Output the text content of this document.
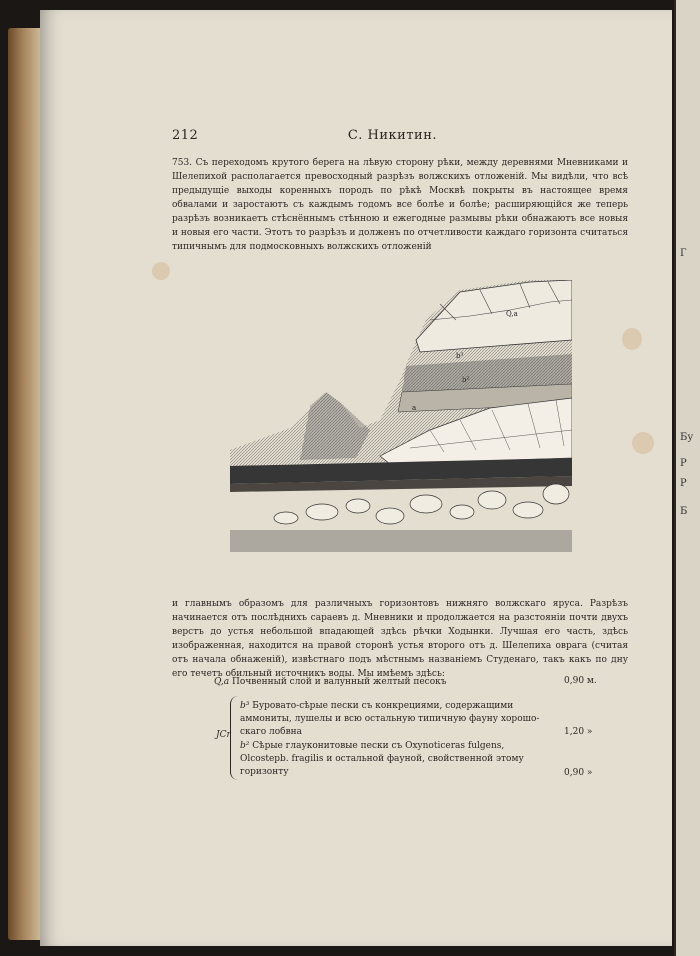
Г
Бу
Р
Р
Б
212	С. Никитин.
753. Съ переходомъ крутого берега на лѣвую сторону рѣки, между деревнями Мневниками и Шелепихой располагается превосходный разрѣзъ волжскихъ отложеній. Мы видѣли, что всѣ предыдущіе выходы коренныхъ породъ по рѣкѣ Москвѣ покрыты въ настоящее время обвалами и заростаютъ съ каждымъ годомъ все болѣе и болѣе; расширяющійся же теперь разрѣзъ возникаетъ стѣснённымъ стѣнною и ежегодные размывы рѣки обнажаютъ все новыя и новыя его части. Этотъ то разрѣзъ и долженъ по отчетливости каждаго горизонта считаться типичнымъ для подмосковныхъ волжскихъ отложеній
Q,a
b³
b²
a
и главнымъ образомъ для различныхъ горизонтовъ нижняго волжскаго яруса. Разрѣзъ начинается отъ послѣднихъ сараевъ д. Мневники и продолжается на разстояніи почти двухъ верстъ до устья небольшой впадающей здѣсь рѣчки Ходынки. Лучшая его часть, здѣсь изображенная, находится на правой сторонѣ устья второго отъ д. Шелепиха оврага (считая отъ начала обнаженій), извѣстнаго подъ мѣстнымъ названіемъ Студенаго, такъ какъ по дну его течетъ обильный источникъ воды. Мы имѣемъ здѣсь:
Q,a Почвенный слой и валунный желтый песокъ	0,90 м.
JCr
b³ Буровато-сѣрые пески съ конкрециями, содержащими аммониты, лушелы и всю остальную типичную фауну хорошо-скаго лобвна	1,20 »
b² Сѣрые глауконитовые пески съ Oxynoticeras fulgens, Olcostepb. fragilis и остальной фауной, свойственной этому горизонту	0,90 »
